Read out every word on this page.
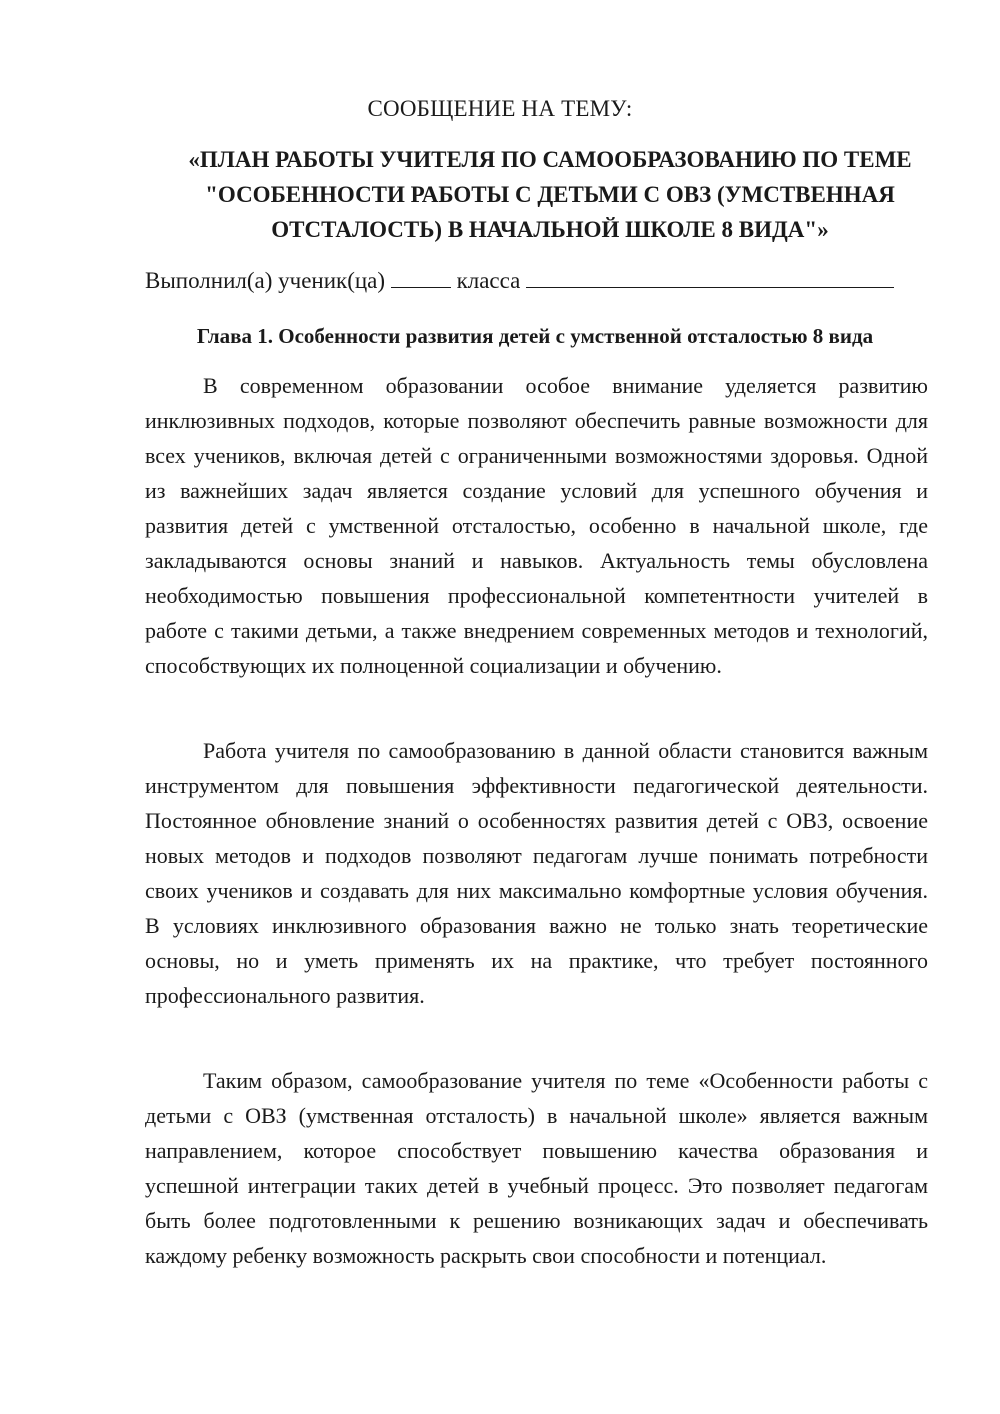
СООБЩЕНИЕ НА ТЕМУ:

«ПЛАН РАБОТЫ УЧИТЕЛЯ ПО САМООБРАЗОВАНИЮ ПО ТЕМЕ "ОСОБЕННОСТИ РАБОТЫ С ДЕТЬМИ С ОВЗ (УМСТВЕННАЯ ОТСТАЛОСТЬ) В НАЧАЛЬНОЙ ШКОЛЕ 8 ВИДА"»

Выполнил(а) ученик(ца)	класса

Глава 1. Особенности развития детей с умственной отсталостью 8 вида

В современном образовании особое внимание уделяется развитию инклюзивных подходов, которые позволяют обеспечить равные возможности для всех учеников, включая детей с ограниченными возможностями здоровья. Одной из важнейших задач является создание условий для успешного обучения и развития детей с умственной отсталостью, особенно в начальной школе, где закладываются основы знаний и навыков. Актуальность темы обусловлена необходимостью повышения профессиональной компетентности учителей в работе с такими детьми, а также внедрением современных методов и технологий, способствующих их полноценной социализации и обучению.

Работа учителя по самообразованию в данной области становится важным инструментом для повышения эффективности педагогической деятельности. Постоянное обновление знаний о особенностях развития детей с ОВЗ, освоение новых методов и подходов позволяют педагогам лучше понимать потребности своих учеников и создавать для них максимально комфортные условия обучения. В условиях инклюзивного образования важно не только знать теоретические основы, но и уметь применять их на практике, что требует постоянного профессионального развития.

Таким образом, самообразование учителя по теме «Особенности работы с детьми с ОВЗ (умственная отсталость) в начальной школе» является важным направлением, которое способствует повышению качества образования и успешной интеграции таких детей в учебный процесс. Это позволяет педагогам быть более подготовленными к решению возникающих задач и обеспечивать каждому ребенку возможность раскрыть свои способности и потенциал.
